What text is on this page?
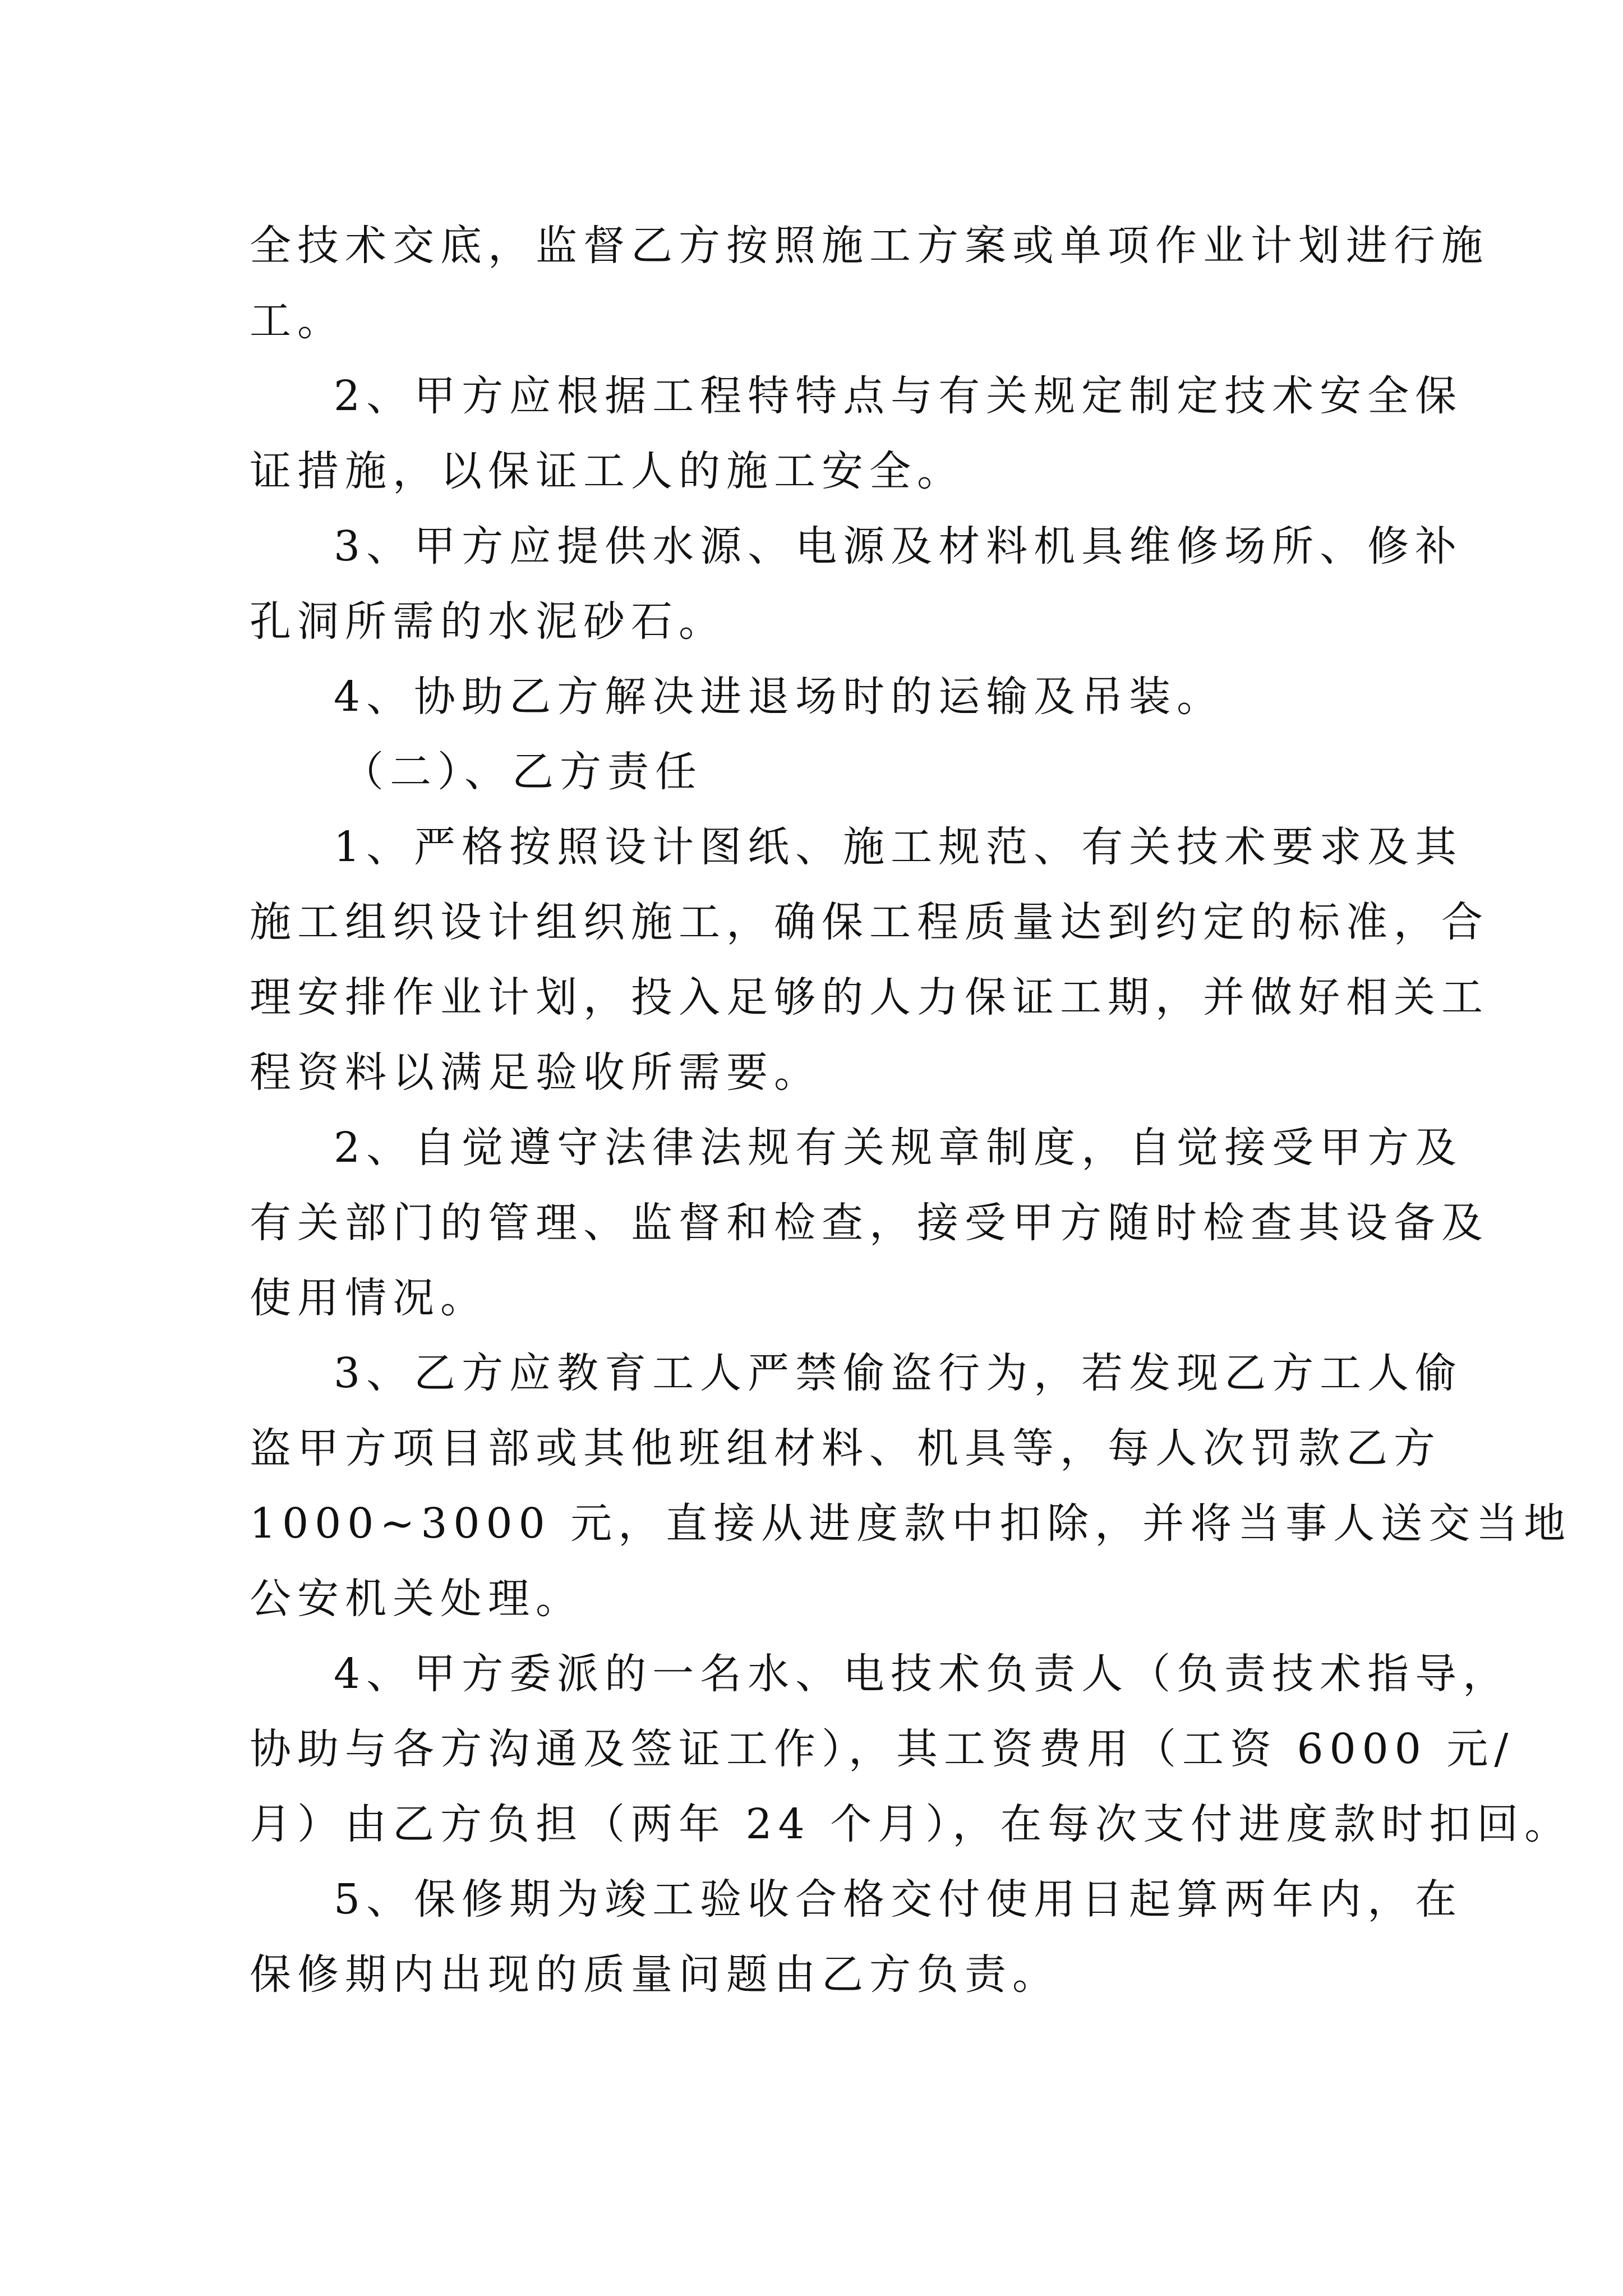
全技术交底，监督乙方按照施工方案或单项作业计划进行施
工。
2、甲方应根据工程特特点与有关规定制定技术安全保
证措施，以保证工人的施工安全。
3、甲方应提供水源、电源及材料机具维修场所、修补
孔洞所需的水泥砂石。
4、协助乙方解决进退场时的运输及吊装。
（二）、乙方责任
1、严格按照设计图纸、施工规范、有关技术要求及其
施工组织设计组织施工，确保工程质量达到约定的标准，合
理安排作业计划，投入足够的人力保证工期，并做好相关工
程资料以满足验收所需要。
2、自觉遵守法律法规有关规章制度，自觉接受甲方及
有关部门的管理、监督和检查，接受甲方随时检查其设备及
使用情况。
3、乙方应教育工人严禁偷盗行为，若发现乙方工人偷
盗甲方项目部或其他班组材料、机具等，每人次罚款乙方
1000~3000 元，直接从进度款中扣除，并将当事人送交当地
公安机关处理。
4、甲方委派的一名水、电技术负责人（负责技术指导，
协助与各方沟通及签证工作），其工资费用（工资 6000 元/
月）由乙方负担（两年 24 个月），在每次支付进度款时扣回。
5、保修期为竣工验收合格交付使用日起算两年内，在
保修期内出现的质量问题由乙方负责。
